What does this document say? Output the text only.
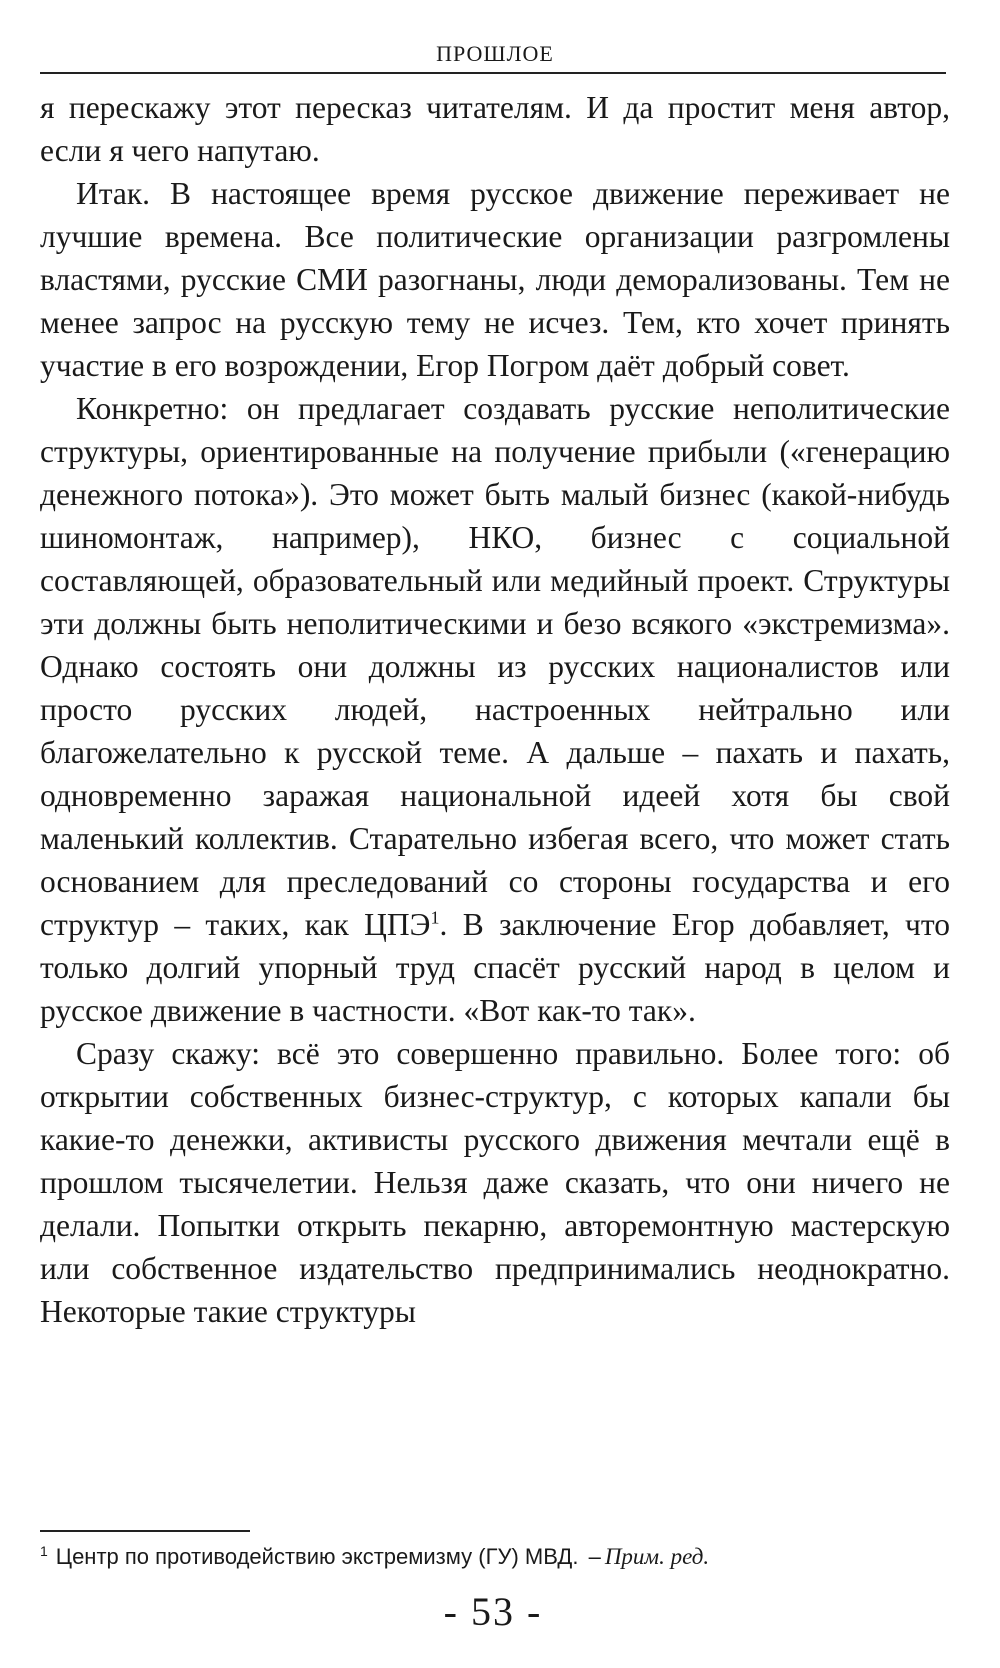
ПРОШЛОЕ

я перескажу этот пересказ читателям. И да простит меня автор, если я чего напутаю.

Итак. В настоящее время русское движение переживает не лучшие времена. Все политические организации разгромлены властями, русские СМИ разогнаны, люди деморализованы. Тем не менее запрос на русскую тему не исчез. Тем, кто хочет принять участие в его возрождении, Егор Погром даёт добрый совет.

Конкретно: он предлагает создавать русские неполитические структуры, ориентированные на получение прибыли («генерацию денежного потока»). Это может быть малый бизнес (какой-нибудь шиномонтаж, например), НКО, бизнес с социальной составляющей, образовательный или медийный проект. Структуры эти должны быть неполитическими и безо всякого «экстремизма». Однако состоять они должны из русских националистов или просто русских людей, настроенных нейтрально или благожелательно к русской теме. А дальше – пахать и пахать, одновременно заражая национальной идеей хотя бы свой маленький коллектив. Старательно избегая всего, что может стать основанием для преследований со стороны государства и его структур – таких, как ЦПЭ$^1$. В заключение Егор добавляет, что только долгий упорный труд спасёт русский народ в целом и русское движение в частности. «Вот как-то так».

Сразу скажу: всё это совершенно правильно. Более того: об открытии собственных бизнес-структур, с которых капали бы какие-то денежки, активисты русского движения мечтали ещё в прошлом тысячелетии. Нельзя даже сказать, что они ничего не делали. Попытки открыть пекарню, авторемонтную мастерскую или собственное издательство предпринимались неоднократно. Некоторые такие структуры

$^1$ Центр по противодействию экстремизму (ГУ) МВД. – Прим. ред.
- 53 -
